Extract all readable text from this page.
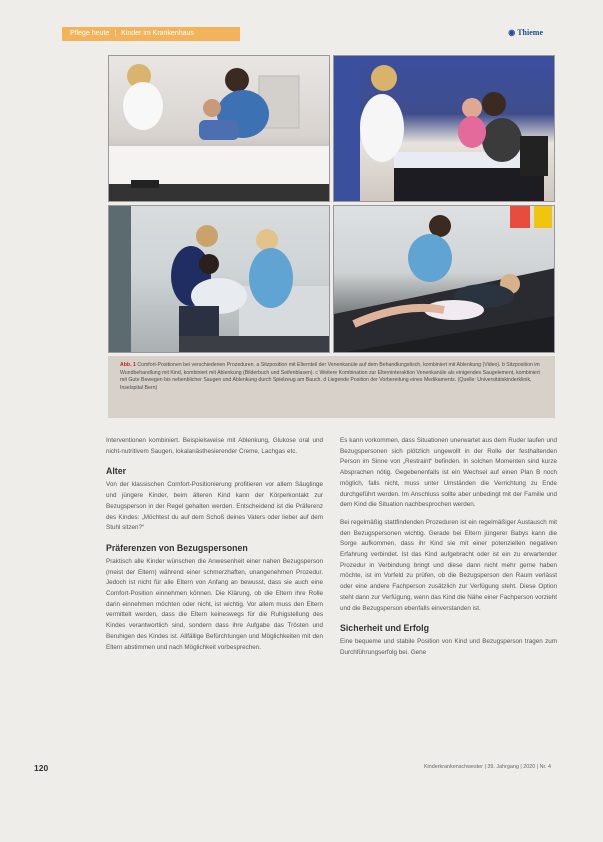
Pflege heute | Kinder im Krankenhaus	◉ Thieme
Abb. 1 Comfort-Positionen bei verschiedenen Prozeduren. a Sitzposition mit Elternteil der Venenkanüle auf dem Behandlungstisch, kombiniert mit Ablenkung (Video). b Sitzposition im Wundbehandlung mit Kind, kombiniert mit Ablenkung (Bilderbuch und Seifenblasen). c Weitere Kombination zur Elterninteraktion Venenkanüle als einigendes Saugelement, kombiniert mit Gute Bewegen bis nebenblicher Saugen und Ablenkung durch Spielzeug am Bauch. d Liegende Position der Vorbereitung eines Medikaments. (Quelle: Universitätskinderklinik, Inselspital Bern)

Interventionen kombiniert. Beispielsweise mit Ablenkung, Glukose oral und nicht-nutritivem Saugen, lokalanästhesierender Creme, Lachgas etc.

Alter

Von der klassischen Comfort-Positionierung profitieren vor allem Säuglinge und jüngere Kinder, beim älteren Kind kann der Körperkontakt zur Bezugsperson in der Regel gehalten werden. Entscheidend ist die Präferenz des Kindes: „Möchtest du auf dem Schoß deines Vaters oder lieber auf dem Stuhl sitzen?“

Präferenzen von Bezugspersonen

Praktisch alle Kinder wünschen die Anwesenheit einer nahen Bezugsperson (meist der Eltern) während einer schmerzhaften, unangenehmen Prozedur. Jedoch ist nicht für alle Eltern von Anfang an bewusst, dass sie auch eine Comfort-Position einnehmen können. Die Klärung, ob die Eltern ihre Rolle darin einnehmen möchten oder nicht, ist wichtig. Vor allem muss den Eltern vermittelt werden, dass die Eltern keineswegs für die Ruhigstellung des Kindes verantwortlich sind, sondern dass ihre Aufgabe das Trösten und Beruhigen des Kindes ist. Allfällige Befürchtungen und Möglichkeiten mit den Eltern abstimmen und nach Möglichkeit vorbesprechen.

Es kann vorkommen, dass Situationen unerwartet aus dem Ruder laufen und Bezugspersonen sich plötzlich ungewollt in der Rolle der festhaltenden Person im Sinne von „Restraint“ befinden. In solchen Momenten sind kurze Absprachen nötig. Gegebenenfalls ist ein Wechsel auf einen Plan B noch möglich, falls nicht, muss unter Umständen die Verrichtung zu Ende durchgeführt werden. Im Anschluss sollte aber unbedingt mit der Familie und dem Kind die Situation nachbesprochen werden.

Bei regelmäßig stattfindenden Prozeduren ist ein regelmäßiger Austausch mit den Bezugspersonen wichtig. Gerade bei Eltern jüngerer Babys kann die Sorge aufkommen, dass ihr Kind sie mit einer potenziellen negativen Erfahrung verbindet. Ist das Kind aufgebracht oder ist ein zu erwartender Prozedur in Verbindung bringt und diese dann nicht mehr gerne haben möchte, ist im Vorfeld zu prüfen, ob die Bezugsperson den Raum verlässt oder eine andere Fachperson zusätzlich zur Verfügung steht. Diese Option steht dann zur Verfügung, wenn das Kind die Nähe einer Fachperson vorzieht und die Bezugsperson ebenfalls einverstanden ist.

Sicherheit und Erfolg

Eine bequeme und stabile Position von Kind und Bezugsperson tragen zum Durchführungserfolg bei. Gene

120	Kinderkrankenschwester | 39. Jahrgang | 2020 | Nr. 4
